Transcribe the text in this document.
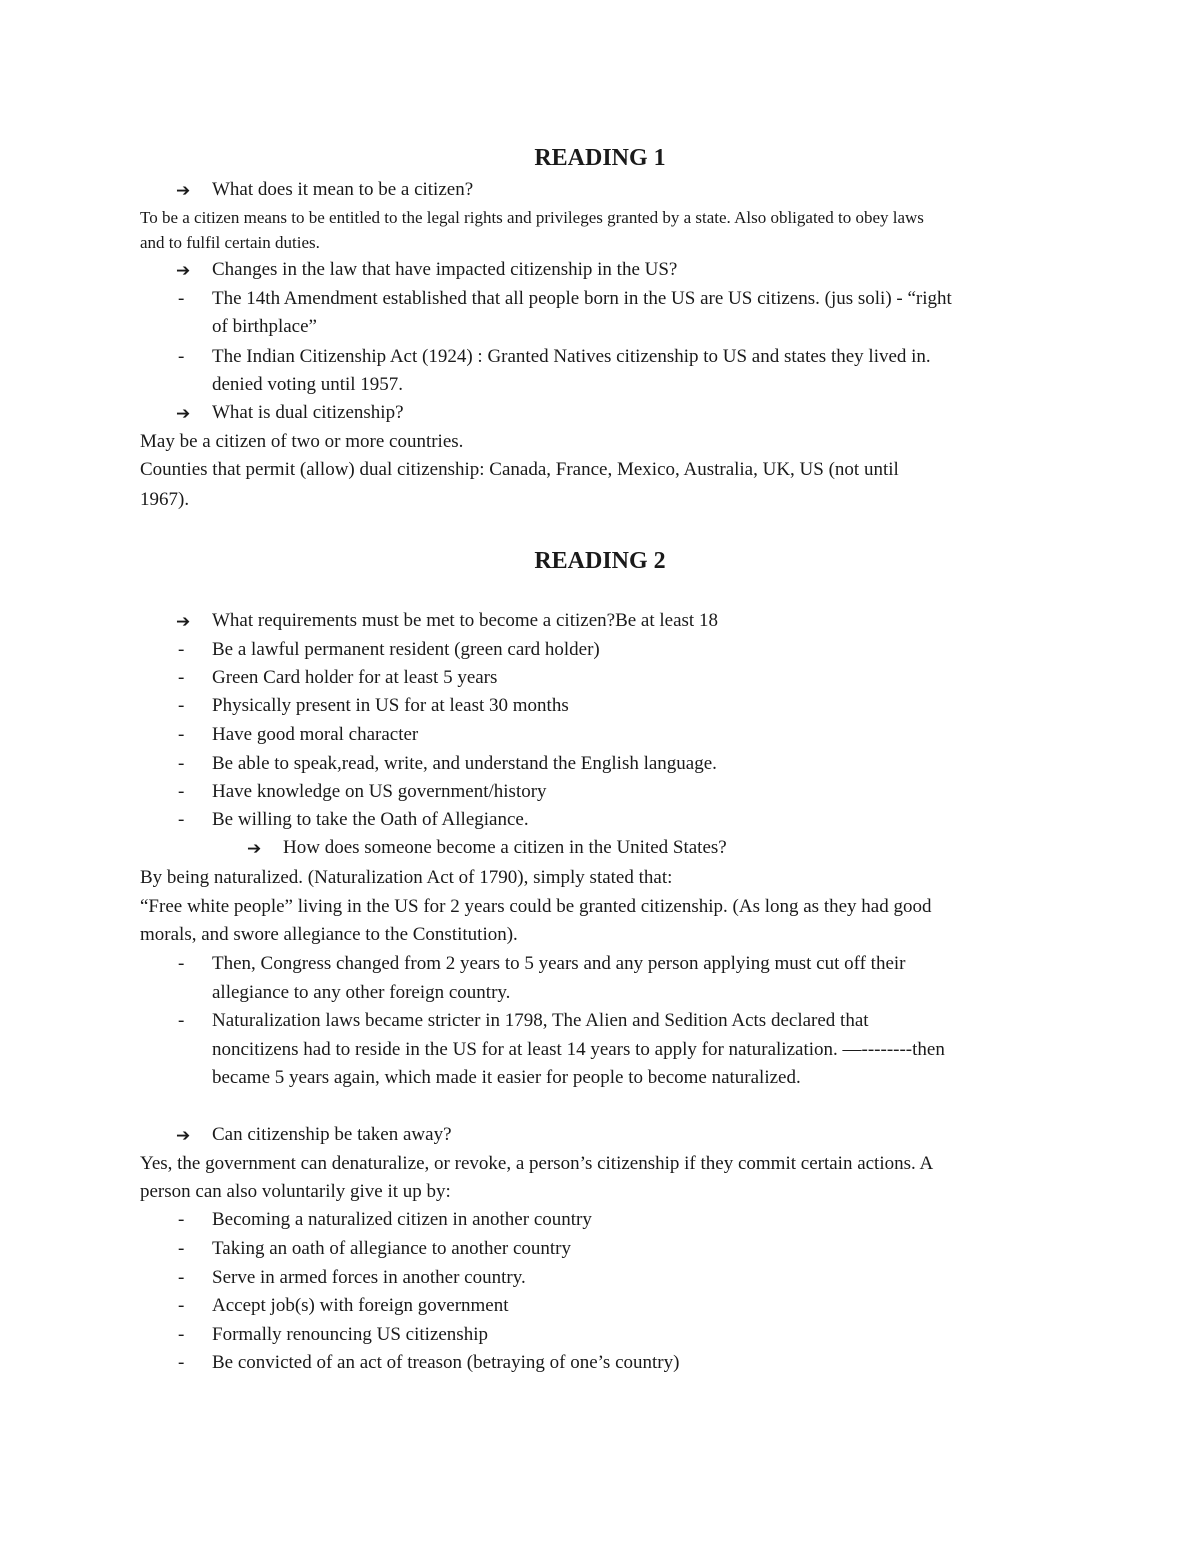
READING 1
➔ What does it mean to be a citizen?
To be a citizen means to be entitled to the legal rights and privileges granted by a state. Also obligated to obey laws
and to fulfil certain duties.
➔ Changes in the law that have impacted citizenship in the US?
- The 14th Amendment established that all people born in the US are US citizens. (jus soli) - “right
of birthplace”
- The Indian Citizenship Act (1924) : Granted Natives citizenship to US and states they lived in.
denied voting until 1957.
➔ What is dual citizenship?
May be a citizen of two or more countries.
Counties that permit (allow) dual citizenship: Canada, France, Mexico, Australia, UK, US (not until
1967).
READING 2
➔ What requirements must be met to become a citizen?Be at least 18
- Be a lawful permanent resident (green card holder)
- Green Card holder for at least 5 years
- Physically present in US for at least 30 months
- Have good moral character
- Be able to speak,read, write, and understand the English language.
- Have knowledge on US government/history
- Be willing to take the Oath of Allegiance.
➔ How does someone become a citizen in the United States?
By being naturalized. (Naturalization Act of 1790), simply stated that:
“Free white people” living in the US for 2 years could be granted citizenship. (As long as they had good
morals, and swore allegiance to the Constitution).
- Then, Congress changed from 2 years to 5 years and any person applying must cut off their
allegiance to any other foreign country.
- Naturalization laws became stricter in 1798, The Alien and Sedition Acts declared that
noncitizens had to reside in the US for at least 14 years to apply for naturalization. —--------then
became 5 years again, which made it easier for people to become naturalized.
➔ Can citizenship be taken away?
Yes, the government can denaturalize, or revoke, a person’s citizenship if they commit certain actions. A
person can also voluntarily give it up by:
- Becoming a naturalized citizen in another country
- Taking an oath of allegiance to another country
- Serve in armed forces in another country.
- Accept job(s) with foreign government
- Formally renouncing US citizenship
- Be convicted of an act of treason (betraying of one’s country)
